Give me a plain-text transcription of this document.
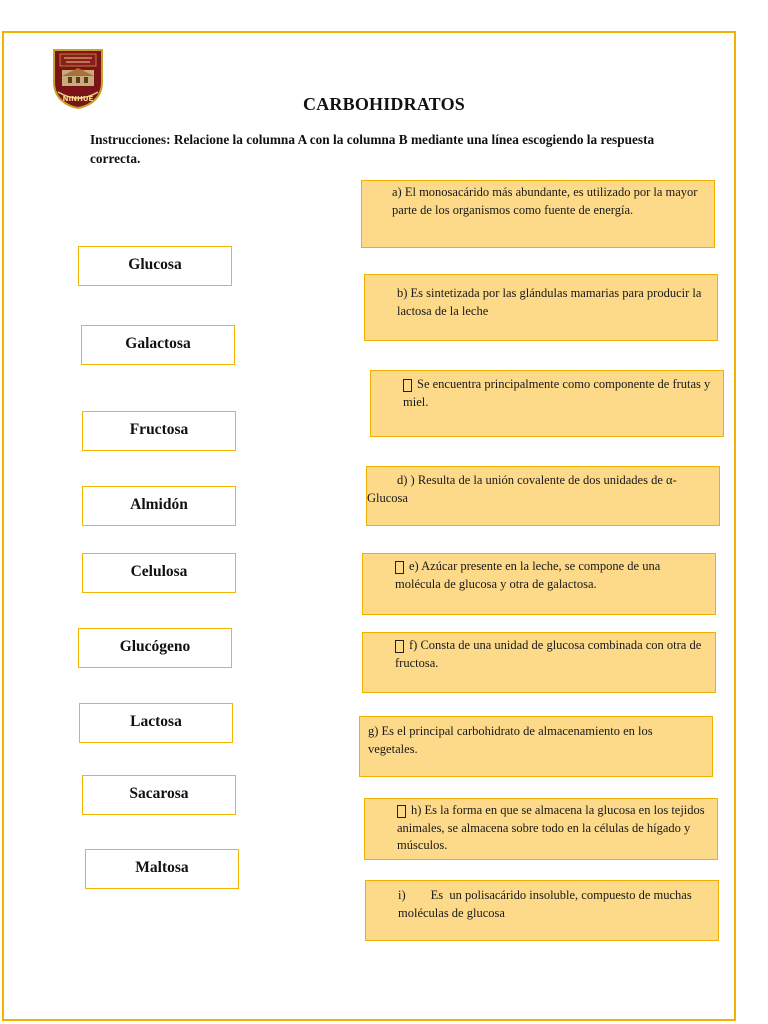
NINHUE	CARBOHIDRATOS
Instrucciones: Relacione la columna A con la columna B mediante una línea escogiendo la respuesta correcta.
Glucosa
Galactosa
Fructosa
Almidón
Celulosa
Glucógeno
Lactosa
Sacarosa
Maltosa
a) El monosacárido más abundante, es utilizado por la mayor parte de los organismos como fuente de energía.
b) Es sintetizada por las glándulas mamarias para producir la lactosa de la leche
Se encuentra principalmente como componente de frutas y miel.
d) ) Resulta de la unión covalente de dos unidades de α-Glucosa
e) Azúcar presente en la leche, se compone de una molécula de glucosa y otra de galactosa.
f) Consta de una unidad de glucosa combinada con otra de fructosa.
g) Es el principal carbohidrato de almacenamiento en los vegetales.
h) Es la forma en que se almacena la glucosa en los tejidos animales, se almacena sobre todo en la células de hígado y músculos.
i)        Es  un polisacárido insoluble, compuesto de muchas moléculas de glucosa
